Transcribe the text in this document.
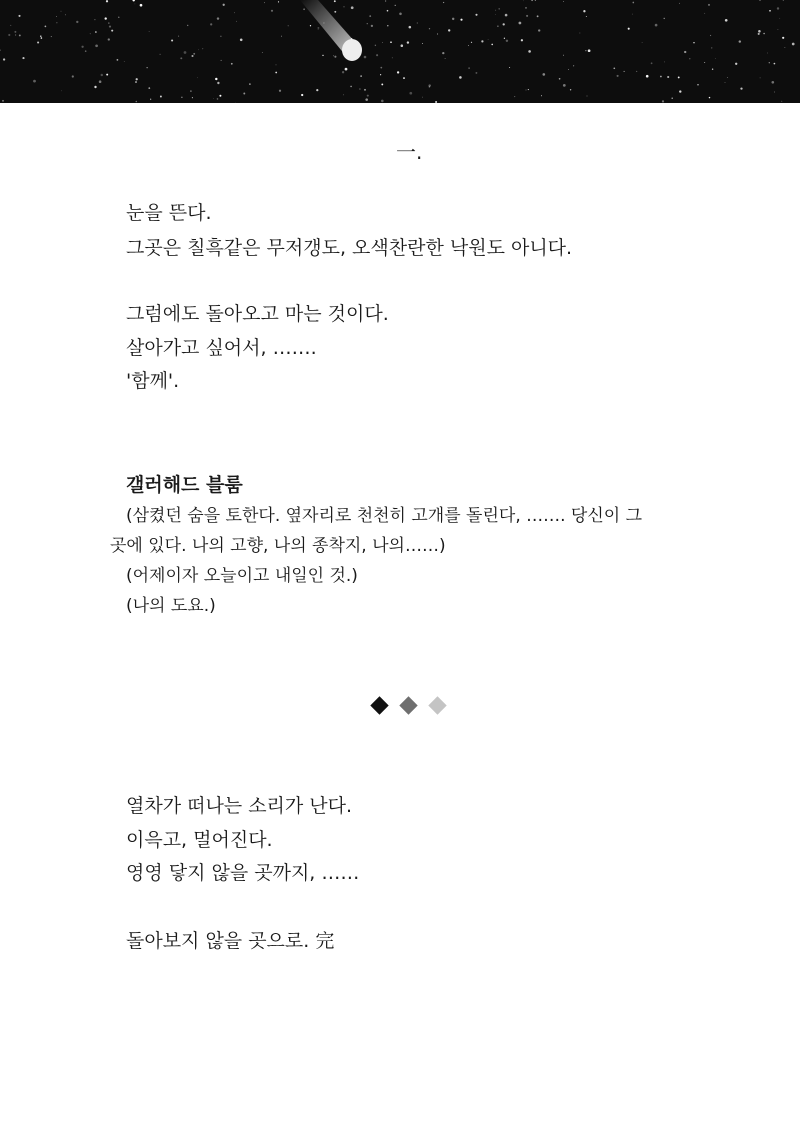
一.
눈을 뜬다.
그곳은 칠흑같은 무저갱도, 오색찬란한 낙원도 아니다.
그럼에도 돌아오고 마는 것이다.
살아가고 싶어서, …….
'함께'.
갤러해드 블룸
(삼켰던 숨을 토한다. 옆자리로 천천히 고개를 돌린다, ……. 당신이 그
곳에 있다. 나의 고향, 나의 종착지, 나의……)
(어제이자 오늘이고 내일인 것.)
(나의 도요.)
열차가 떠나는 소리가 난다.
이윽고, 멀어진다.
영영 닿지 않을 곳까지, ……
돌아보지 않을 곳으로. 完
